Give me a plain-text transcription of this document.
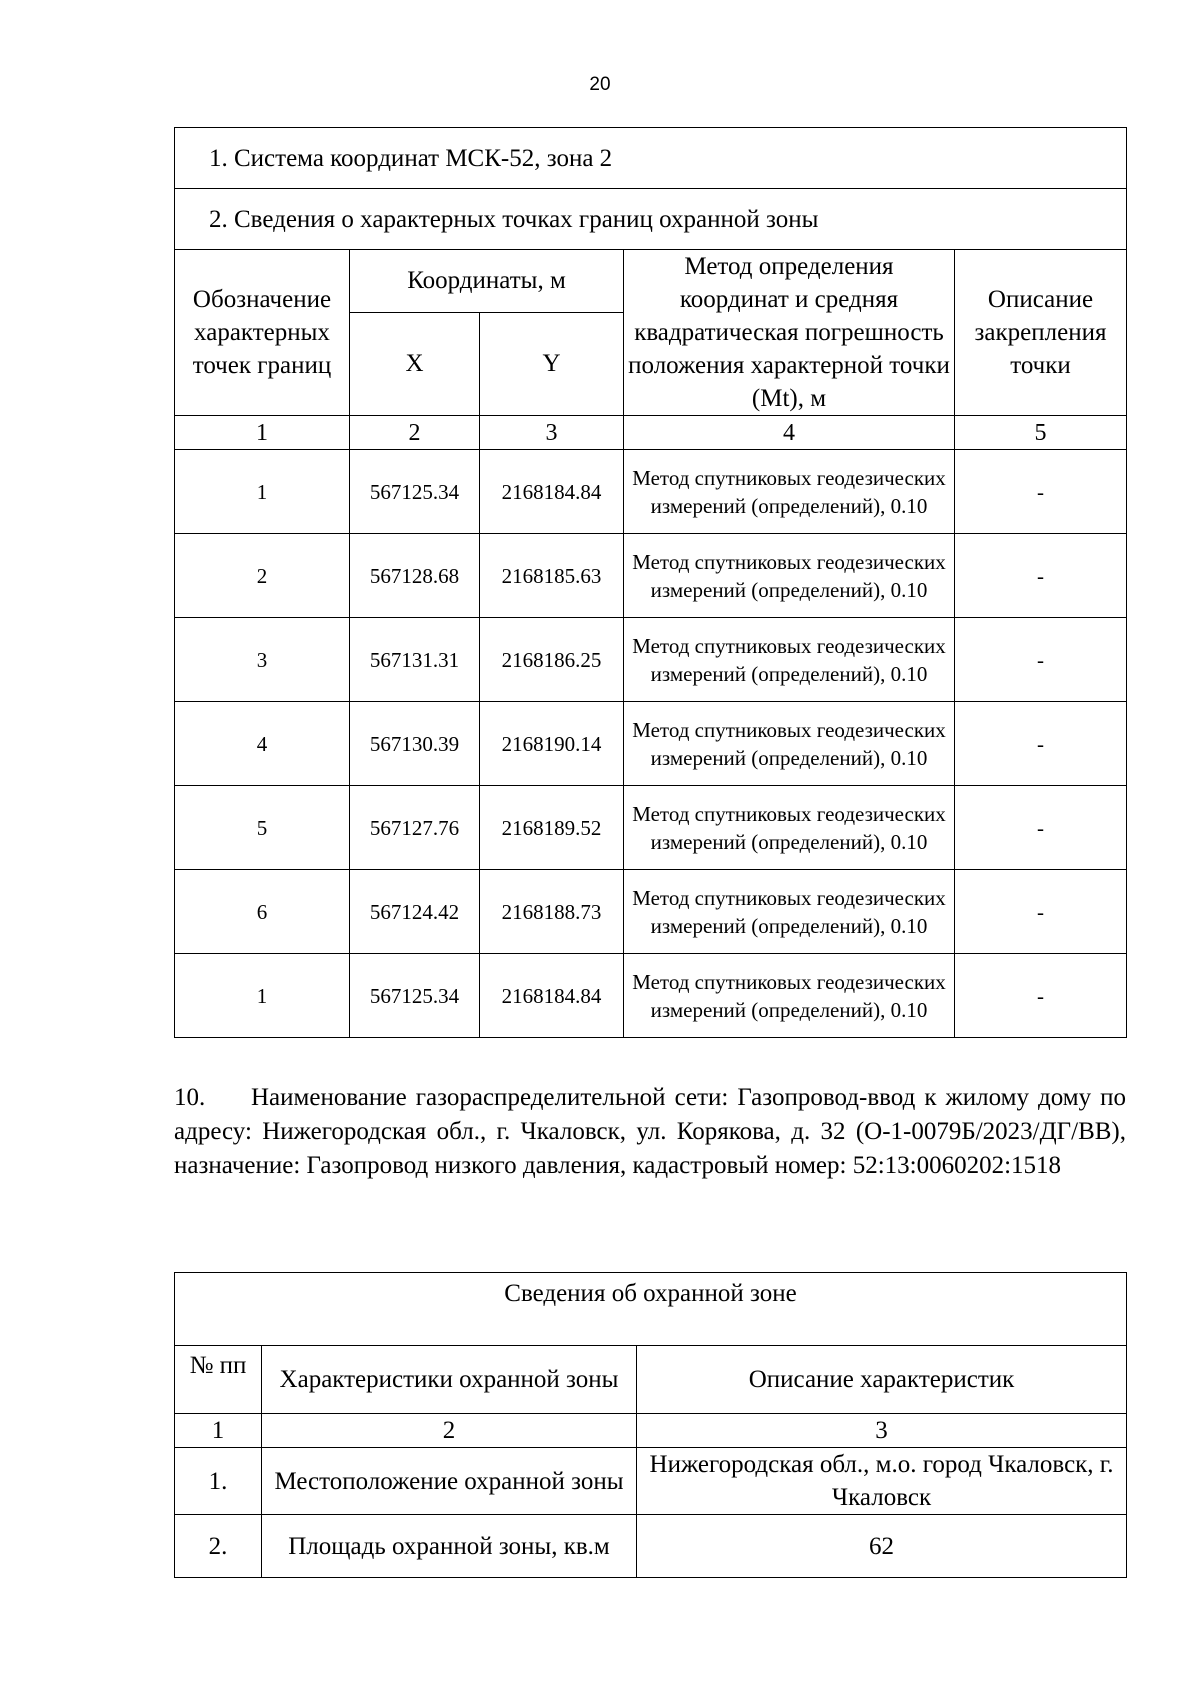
20
1. Система координат МСК-52, зона 2				
2. Сведения о характерных точках границ охранной зоны				
Обозначение характерных точек границ	Координаты, м		Метод определения координат и средняя квадратическая погрешность положения характерной точки (Mt), м	Описание закрепления точки
	X	Y		
1	2	3	4	5
1	567125.34	2168184.84	Метод спутниковых геодезических измерений (определений), 0.10	-
2	567128.68	2168185.63	Метод спутниковых геодезических измерений (определений), 0.10	-
3	567131.31	2168186.25	Метод спутниковых геодезических измерений (определений), 0.10	-
4	567130.39	2168190.14	Метод спутниковых геодезических измерений (определений), 0.10	-
5	567127.76	2168189.52	Метод спутниковых геодезических измерений (определений), 0.10	-
6	567124.42	2168188.73	Метод спутниковых геодезических измерений (определений), 0.10	-
1	567125.34	2168184.84	Метод спутниковых геодезических измерений (определений), 0.10	-
10. Наименование газораспределительной сети: Газопровод-ввод к жилому дому по адресу: Нижегородская обл., г. Чкаловск, ул. Корякова, д. 32 (О-1-0079Б/2023/ДГ/ВВ), назначение: Газопровод низкого давления, кадастровый номер: 52:13:0060202:1518
Сведения об охранной зоне		
№ пп	Характеристики охранной зоны	Описание характеристик
1	2	3
1.	Местоположение охранной зоны	Нижегородская обл., м.о. город Чкаловск, г. Чкаловск
2.	Площадь охранной зоны, кв.м	62
